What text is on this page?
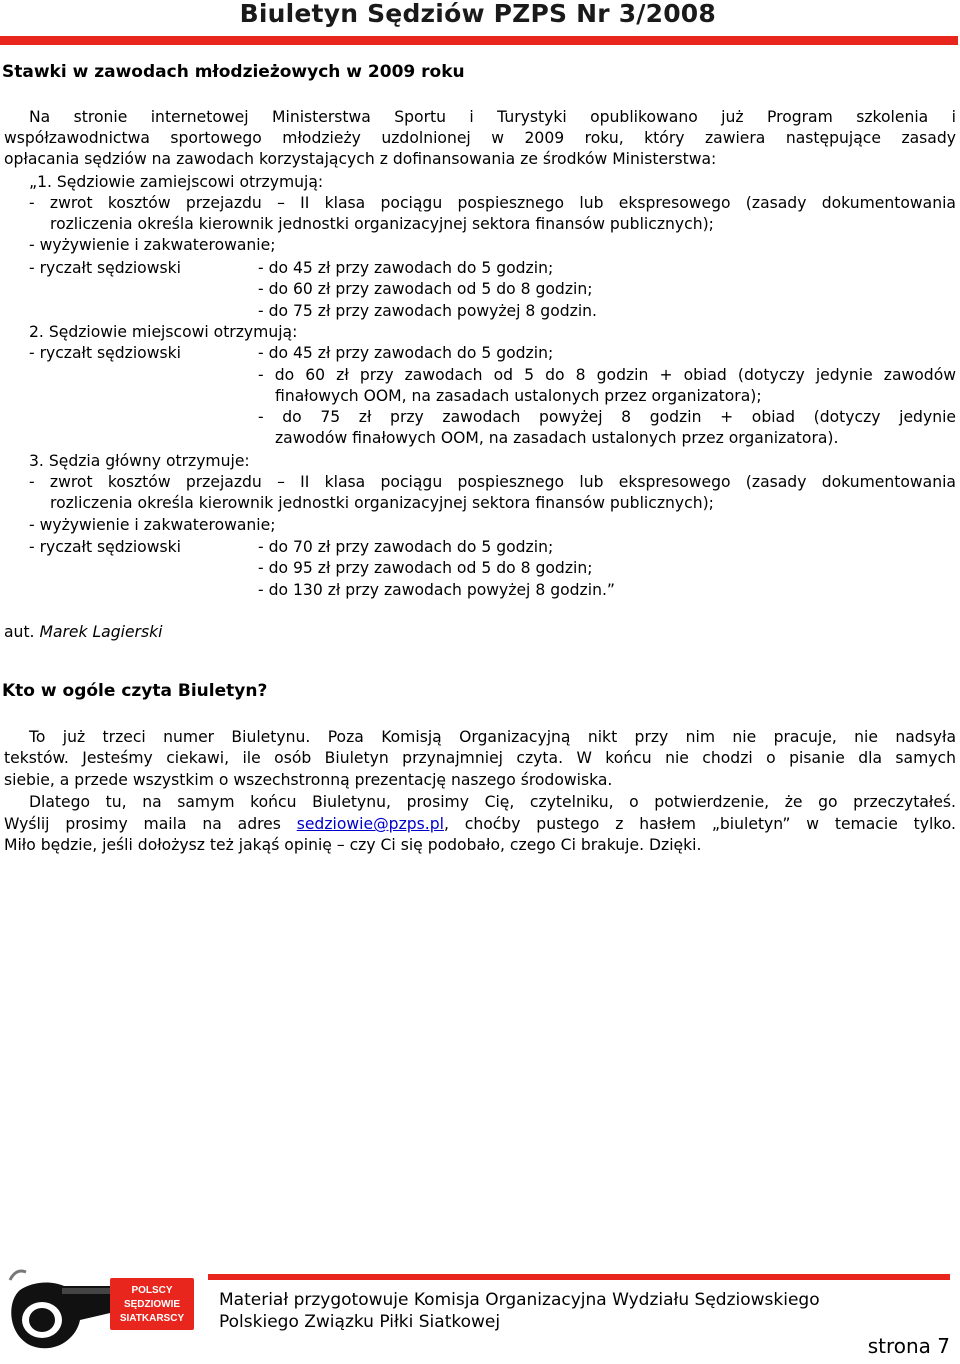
Biuletyn Sędziów PZPS Nr 3/2008
Stawki w zawodach młodzieżowych w 2009 roku
Na stronie internetowej Ministerstwa Sportu i Turystyki opublikowano już Program szkolenia i
współzawodnictwa sportowego młodzieży uzdolnionej w 2009 roku, który zawiera następujące zasady
opłacania sędziów na zawodach korzystających z dofinansowania ze środków Ministerstwa:
„1. Sędziowie zamiejscowi otrzymują:
- zwrot kosztów przejazdu – II klasa pociągu pospiesznego lub ekspresowego (zasady dokumentowania
rozliczenia określa kierownik jednostki organizacyjnej sektora finansów publicznych);
- wyżywienie i zakwaterowanie;
- ryczałt sędziowski	- do 45 zł przy zawodach do 5 godzin;
- do 60 zł przy zawodach od 5 do 8 godzin;
- do 75 zł przy zawodach powyżej 8 godzin.
2. Sędziowie miejscowi otrzymują:
- ryczałt sędziowski	- do 45 zł przy zawodach do 5 godzin;
- do 60 zł przy zawodach od 5 do 8 godzin + obiad (dotyczy jedynie zawodów
finałowych OOM, na zasadach ustalonych przez organizatora);
- do 75 zł przy zawodach powyżej 8 godzin + obiad (dotyczy jedynie
zawodów finałowych OOM, na zasadach ustalonych przez organizatora).
3. Sędzia główny otrzymuje:
- zwrot kosztów przejazdu – II klasa pociągu pospiesznego lub ekspresowego (zasady dokumentowania
rozliczenia określa kierownik jednostki organizacyjnej sektora finansów publicznych);
- wyżywienie i zakwaterowanie;
- ryczałt sędziowski	- do 70 zł przy zawodach do 5 godzin;
- do 95 zł przy zawodach od 5 do 8 godzin;
- do 130 zł przy zawodach powyżej 8 godzin.”
aut. Marek Lagierski
Kto w ogóle czyta Biuletyn?
To już trzeci numer Biuletynu. Poza Komisją Organizacyjną nikt przy nim nie pracuje, nie nadsyła
tekstów. Jesteśmy ciekawi, ile osób Biuletyn przynajmniej czyta. W końcu nie chodzi o pisanie dla samych
siebie, a przede wszystkim o wszechstronną prezentację naszego środowiska.
Dlatego tu, na samym końcu Biuletynu, prosimy Cię, czytelniku, o potwierdzenie, że go przeczytałeś.
Wyślij prosimy maila na adres sedziowie@pzps.pl, choćby pustego z hasłem „biuletyn” w temacie tylko.
Miło będzie, jeśli dołożysz też jakąś opinię – czy Ci się podobało, czego Ci brakuje. Dzięki.
POLSCY
SĘDZIOWIE
SIATKARSCY
Materiał przygotowuje Komisja Organizacyjna Wydziału Sędziowskiego
Polskiego Związku Piłki Siatkowej
strona 7
